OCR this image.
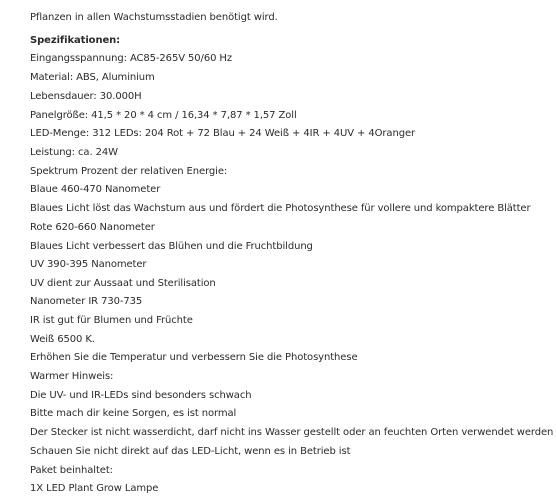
Pflanzen in allen Wachstumsstadien benötigt wird.
Spezifikationen:
Eingangsspannung: AC85-265V 50/60 Hz
Material: ABS, Aluminium
Lebensdauer: 30.000H
Panelgröße: 41,5 * 20 * 4 cm / 16,34 * 7,87 * 1,57 Zoll
LED-Menge: 312 LEDs: 204 Rot + 72 Blau + 24 Weiß + 4IR + 4UV + 4Oranger
Leistung: ca. 24W
Spektrum Prozent der relativen Energie:
Blaue 460-470 Nanometer
Blaues Licht löst das Wachstum aus und fördert die Photosynthese für vollere und kompaktere Blätter
Rote 620-660 Nanometer
Blaues Licht verbessert das Blühen und die Fruchtbildung
UV 390-395 Nanometer
UV dient zur Aussaat und Sterilisation
Nanometer IR 730-735
IR ist gut für Blumen und Früchte
Weiß 6500 K.
Erhöhen Sie die Temperatur und verbessern Sie die Photosynthese
Warmer Hinweis:
Die UV- und IR-LEDs sind besonders schwach
Bitte mach dir keine Sorgen, es ist normal
Der Stecker ist nicht wasserdicht, darf nicht ins Wasser gestellt oder an feuchten Orten verwendet werden
Schauen Sie nicht direkt auf das LED-Licht, wenn es in Betrieb ist
Paket beinhaltet:
1X LED Plant Grow Lampe
